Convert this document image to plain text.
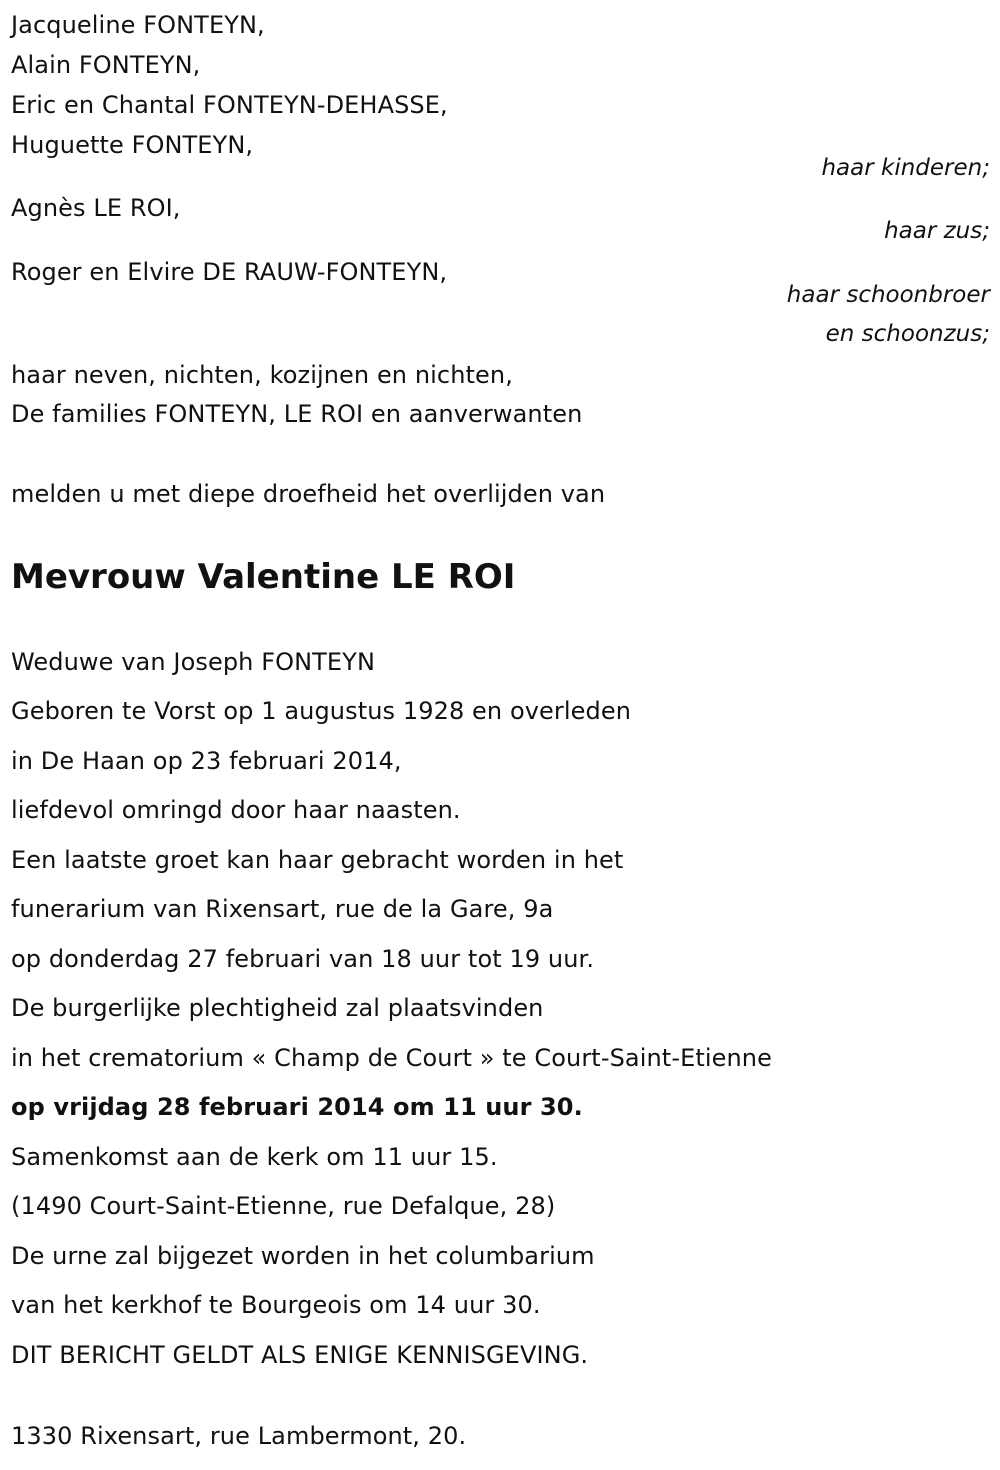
Jacqueline FONTEYN,
Alain FONTEYN,
Eric en Chantal FONTEYN-DEHASSE,
Huguette FONTEYN,
haar kinderen;
Agnès LE ROI,
haar zus;
Roger en Elvire DE RAUW-FONTEYN,
haar schoonbroer
en schoonzus;
haar neven, nichten, kozijnen en nichten,
De families FONTEYN, LE ROI en aanverwanten
melden u met diepe droefheid het overlijden van
Mevrouw Valentine LE ROI
Weduwe van Joseph FONTEYN
Geboren te Vorst op 1 augustus 1928 en overleden
in De Haan op 23 februari 2014,
liefdevol omringd door haar naasten.
Een laatste groet kan haar gebracht worden in het
funerarium van Rixensart, rue de la Gare, 9a
op donderdag 27 februari van 18 uur tot 19 uur.
De burgerlijke plechtigheid zal plaatsvinden
in het crematorium « Champ de Court » te Court-Saint-Etienne
op vrijdag 28 februari 2014 om 11 uur 30.
Samenkomst aan de kerk om 11 uur 15.
(1490 Court-Saint-Etienne, rue Defalque, 28)
De urne zal bijgezet worden in het columbarium
van het kerkhof te Bourgeois om 14 uur 30.
DIT BERICHT GELDT ALS ENIGE KENNISGEVING.
1330 Rixensart, rue Lambermont, 20.
